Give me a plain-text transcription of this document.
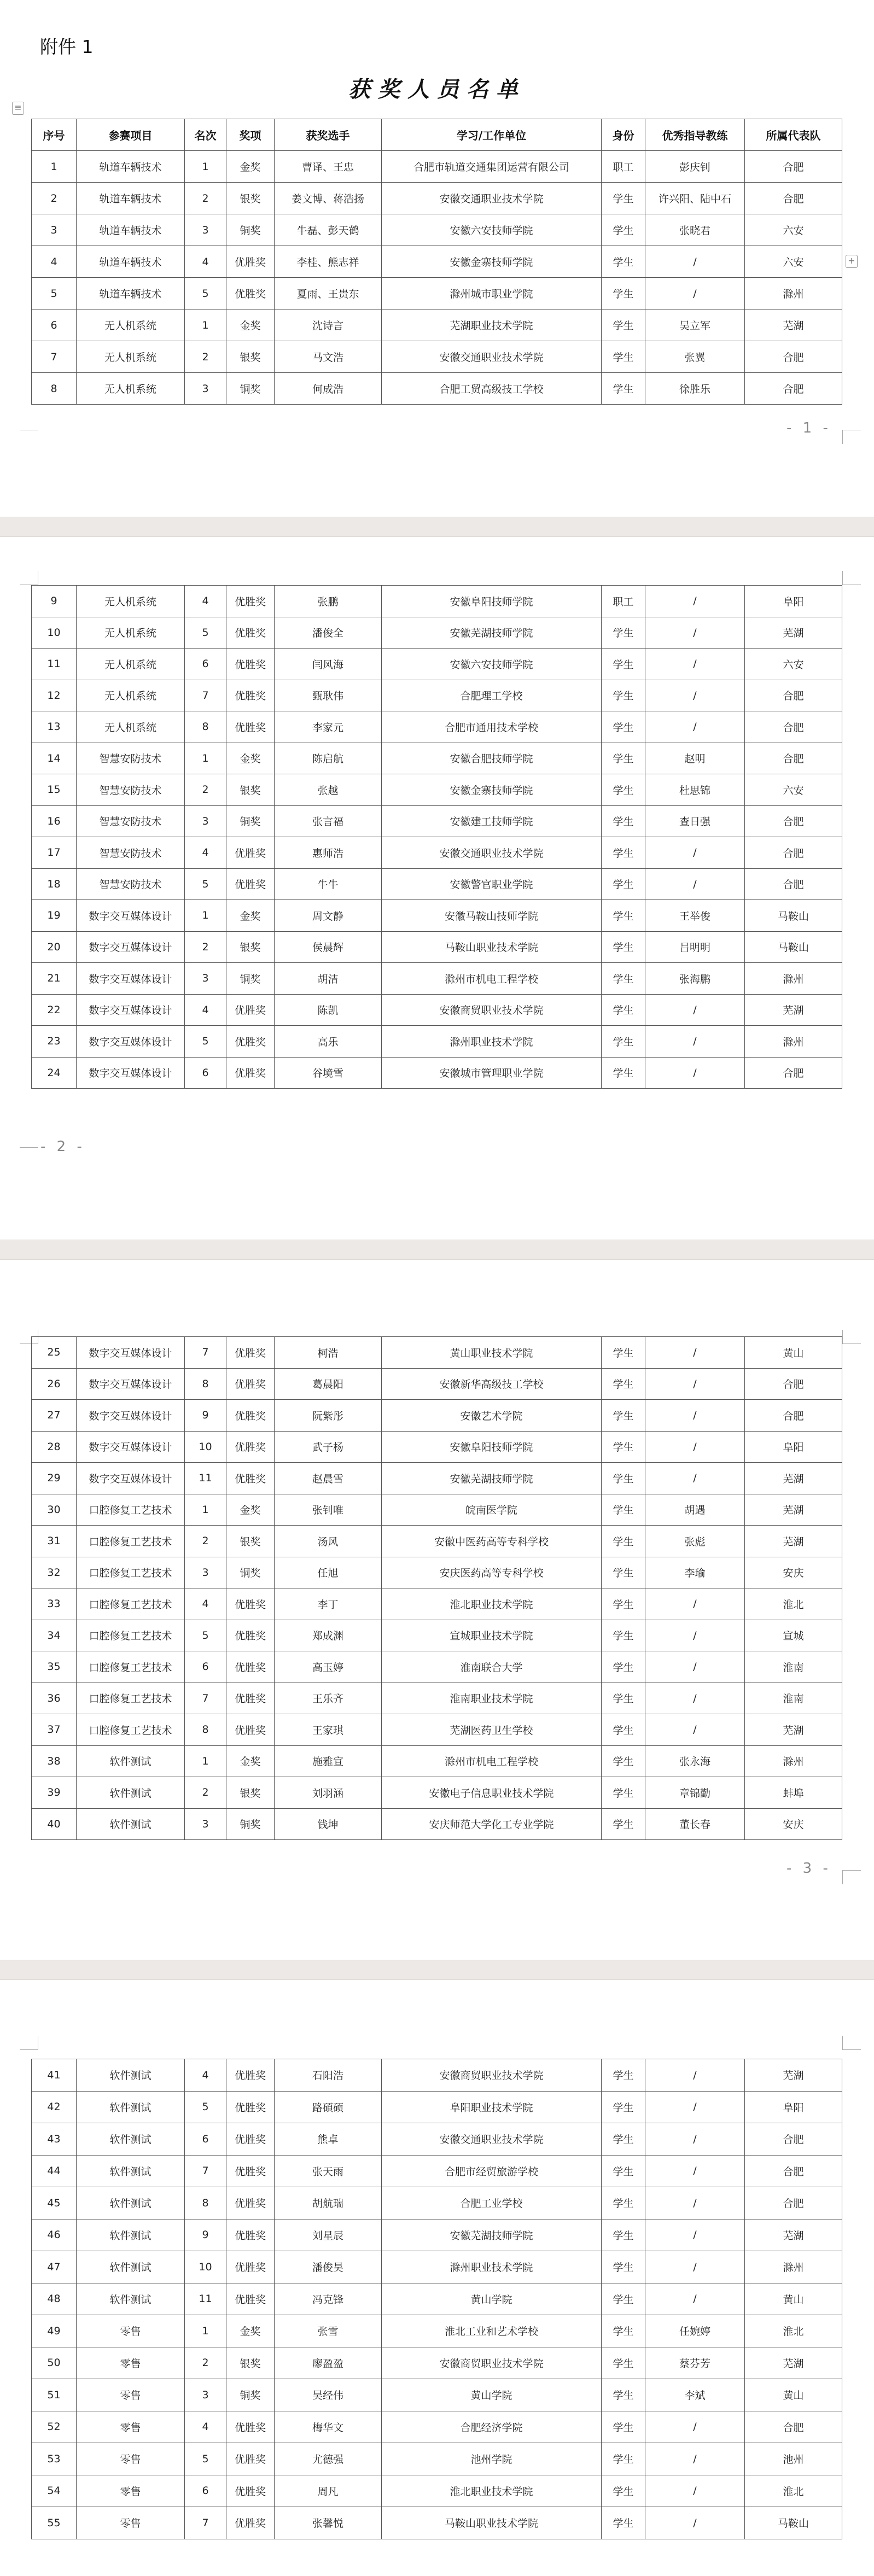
附件 1
获奖人员名单
≡
+
序号	参赛项目	名次	奖项	获奖选手	学习/工作单位	身份	优秀指导教练	所属代表队
1	轨道车辆技术	1	金奖	曹译、王忠	合肥市轨道交通集团运营有限公司	职工	彭庆钊	合肥
2	轨道车辆技术	2	银奖	姜文博、蒋浩扬	安徽交通职业技术学院	学生	许兴阳、陆中石	合肥
3	轨道车辆技术	3	铜奖	牛磊、彭天鹤	安徽六安技师学院	学生	张晓君	六安
4	轨道车辆技术	4	优胜奖	李桂、熊志祥	安徽金寨技师学院	学生	/	六安
5	轨道车辆技术	5	优胜奖	夏雨、王贵东	滁州城市职业学院	学生	/	滁州
6	无人机系统	1	金奖	沈诗言	芜湖职业技术学院	学生	吴立军	芜湖
7	无人机系统	2	银奖	马文浩	安徽交通职业技术学院	学生	张翼	合肥
8	无人机系统	3	铜奖	何成浩	合肥工贸高级技工学校	学生	徐胜乐	合肥
- 1 -
9	无人机系统	4	优胜奖	张鹏	安徽阜阳技师学院	职工	/	阜阳
10	无人机系统	5	优胜奖	潘俊全	安徽芜湖技师学院	学生	/	芜湖
11	无人机系统	6	优胜奖	闫风海	安徽六安技师学院	学生	/	六安
12	无人机系统	7	优胜奖	甄耿伟	合肥理工学校	学生	/	合肥
13	无人机系统	8	优胜奖	李家元	合肥市通用技术学校	学生	/	合肥
14	智慧安防技术	1	金奖	陈启航	安徽合肥技师学院	学生	赵明	合肥
15	智慧安防技术	2	银奖	张越	安徽金寨技师学院	学生	杜思锦	六安
16	智慧安防技术	3	铜奖	张言福	安徽建工技师学院	学生	查日强	合肥
17	智慧安防技术	4	优胜奖	惠师浩	安徽交通职业技术学院	学生	/	合肥
18	智慧安防技术	5	优胜奖	牛牛	安徽警官职业学院	学生	/	合肥
19	数字交互媒体设计	1	金奖	周文静	安徽马鞍山技师学院	学生	王举俊	马鞍山
20	数字交互媒体设计	2	银奖	侯晨辉	马鞍山职业技术学院	学生	吕明明	马鞍山
21	数字交互媒体设计	3	铜奖	胡洁	滁州市机电工程学校	学生	张海鹏	滁州
22	数字交互媒体设计	4	优胜奖	陈凯	安徽商贸职业技术学院	学生	/	芜湖
23	数字交互媒体设计	5	优胜奖	高乐	滁州职业技术学院	学生	/	滁州
24	数字交互媒体设计	6	优胜奖	谷境雪	安徽城市管理职业学院	学生	/	合肥
- 2 -
25	数字交互媒体设计	7	优胜奖	柯浩	黄山职业技术学院	学生	/	黄山
26	数字交互媒体设计	8	优胜奖	葛晨阳	安徽新华高级技工学校	学生	/	合肥
27	数字交互媒体设计	9	优胜奖	阮紫彤	安徽艺术学院	学生	/	合肥
28	数字交互媒体设计	10	优胜奖	武子杨	安徽阜阳技师学院	学生	/	阜阳
29	数字交互媒体设计	11	优胜奖	赵晨雪	安徽芜湖技师学院	学生	/	芜湖
30	口腔修复工艺技术	1	金奖	张钊唯	皖南医学院	学生	胡遇	芜湖
31	口腔修复工艺技术	2	银奖	汤风	安徽中医药高等专科学校	学生	张彪	芜湖
32	口腔修复工艺技术	3	铜奖	任旭	安庆医药高等专科学校	学生	李瑜	安庆
33	口腔修复工艺技术	4	优胜奖	李丁	淮北职业技术学院	学生	/	淮北
34	口腔修复工艺技术	5	优胜奖	郑成渊	宣城职业技术学院	学生	/	宣城
35	口腔修复工艺技术	6	优胜奖	高玉婷	淮南联合大学	学生	/	淮南
36	口腔修复工艺技术	7	优胜奖	王乐齐	淮南职业技术学院	学生	/	淮南
37	口腔修复工艺技术	8	优胜奖	王家琪	芜湖医药卫生学校	学生	/	芜湖
38	软件测试	1	金奖	施雅宣	滁州市机电工程学校	学生	张永海	滁州
39	软件测试	2	银奖	刘羽涵	安徽电子信息职业技术学院	学生	章锦勤	蚌埠
40	软件测试	3	铜奖	钱坤	安庆师范大学化工专业学院	学生	董长春	安庆
- 3 -
41	软件测试	4	优胜奖	石阳浩	安徽商贸职业技术学院	学生	/	芜湖
42	软件测试	5	优胜奖	路碩硕	阜阳职业技术学院	学生	/	阜阳
43	软件测试	6	优胜奖	熊卓	安徽交通职业技术学院	学生	/	合肥
44	软件测试	7	优胜奖	张天雨	合肥市经贸旅游学校	学生	/	合肥
45	软件测试	8	优胜奖	胡航瑞	合肥工业学校	学生	/	合肥
46	软件测试	9	优胜奖	刘星辰	安徽芜湖技师学院	学生	/	芜湖
47	软件测试	10	优胜奖	潘俊昊	滁州职业技术学院	学生	/	滁州
48	软件测试	11	优胜奖	冯克锋	黄山学院	学生	/	黄山
49	零售	1	金奖	张雪	淮北工业和艺术学校	学生	任婉婷	淮北
50	零售	2	银奖	廖盈盈	安徽商贸职业技术学院	学生	蔡芬芳	芜湖
51	零售	3	铜奖	吴经伟	黄山学院	学生	李斌	黄山
52	零售	4	优胜奖	梅华文	合肥经济学院	学生	/	合肥
53	零售	5	优胜奖	尤德强	池州学院	学生	/	池州
54	零售	6	优胜奖	周凡	淮北职业技术学院	学生	/	淮北
55	零售	7	优胜奖	张馨悦	马鞍山职业技术学院	学生	/	马鞍山
